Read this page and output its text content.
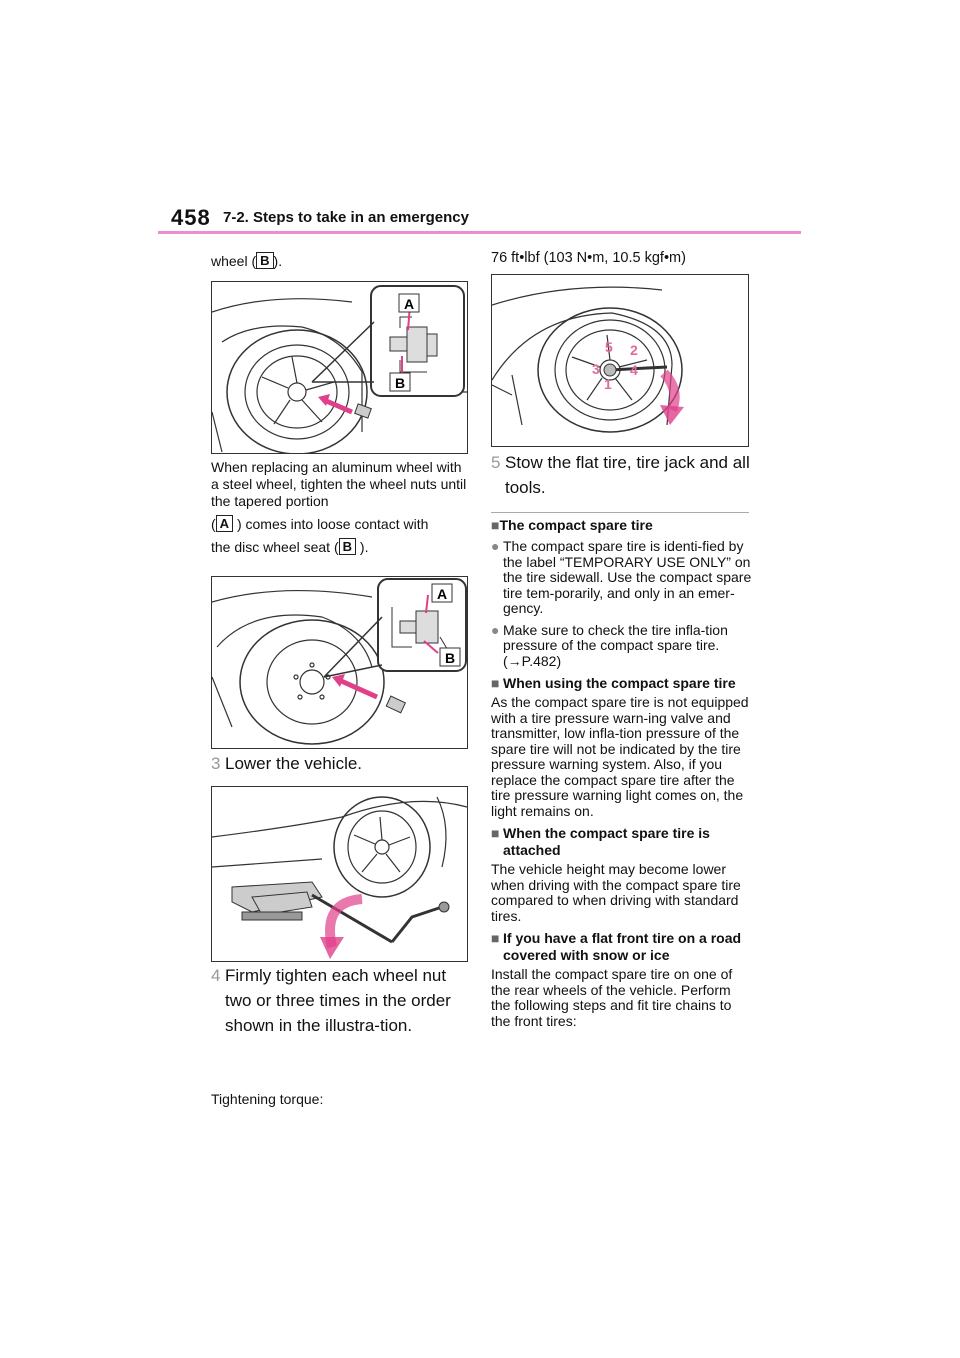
458 7-2. Steps to take in an emergency
wheel ( B ).
A
B
When replacing an aluminum wheel with a steel wheel, tighten the wheel nuts until the tapered portion
( A ) comes into loose contact with
the disc wheel seat ( B ).
A
B
3 Lower the vehicle.
4 Firmly tighten each wheel nut two or three times in the order shown in the illustra-tion.
Tightening torque:
76 ft•lbf (103 N•m, 10.5 kgf•m)
5 2
3 4
1
5 Stow the flat tire, tire jack and all tools.
■The compact spare tire
● The compact spare tire is identi-fied by the label “TEMPORARY USE ONLY” on the tire sidewall. Use the compact spare tire tem-porarily, and only in an emer-gency.
● Make sure to check the tire infla-tion pressure of the compact spare tire. (→P.482)
■ When using the compact spare tire
As the compact spare tire is not equipped with a tire pressure warn-ing valve and transmitter, low infla-tion pressure of the spare tire will not be indicated by the tire pressure warning system. Also, if you replace the compact spare tire after the tire pressure warning light comes on, the light remains on.
■ When the compact spare tire is attached
The vehicle height may become lower when driving with the compact spare tire compared to when driving with standard tires.
■ If you have a flat front tire on a road covered with snow or ice
Install the compact spare tire on one of the rear wheels of the vehicle. Perform the following steps and fit tire chains to the front tires:
